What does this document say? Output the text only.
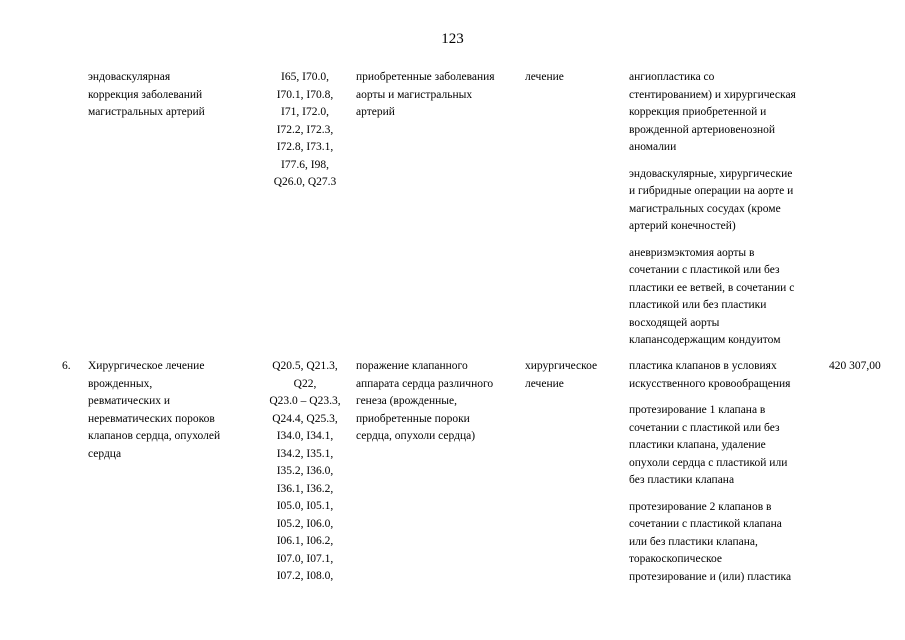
123
эндоваскулярная
коррекция заболеваний
магистральных артерий
I65, I70.0,
I70.1, I70.8,
I71, I72.0,
I72.2, I72.3,
I72.8, I73.1,
I77.6, I98,
Q26.0, Q27.3
приобретенные заболевания
аорты и магистральных
артерий
лечение	ангиопластика со
стентированием) и хирургическая
коррекция приобретенной и
врожденной артериовенозной
аномалии
эндоваскулярные, хирургические
и гибридные операции на аорте и
магистральных сосудах (кроме
артерий конечностей)
аневризмэктомия аорты в
сочетании с пластикой или без
пластики ее ветвей, в сочетании с
пластикой или без пластики
восходящей аорты
клапансодержащим кондуитом
6.	Хирургическое лечение
врожденных,
ревматических и
неревматических пороков
клапанов сердца, опухолей
сердца
Q20.5, Q21.3,
Q22,
Q23.0 – Q23.3,
Q24.4, Q25.3,
I34.0, I34.1,
I34.2, I35.1,
I35.2, I36.0,
I36.1, I36.2,
I05.0, I05.1,
I05.2, I06.0,
I06.1, I06.2,
I07.0, I07.1,
I07.2, I08.0,
поражение клапанного
аппарата сердца различного
генеза (врожденные,
приобретенные пороки
сердца, опухоли сердца)
хирургическое
лечение
пластика клапанов в условиях
искусственного кровообращения
протезирование 1 клапана в
сочетании с пластикой или без
пластики клапана, удаление
опухоли сердца с пластикой или
без пластики клапана
протезирование 2 клапанов в
сочетании с пластикой клапана
или без пластики клапана,
торакоскопическое
протезирование и (или) пластика
420 307,00
